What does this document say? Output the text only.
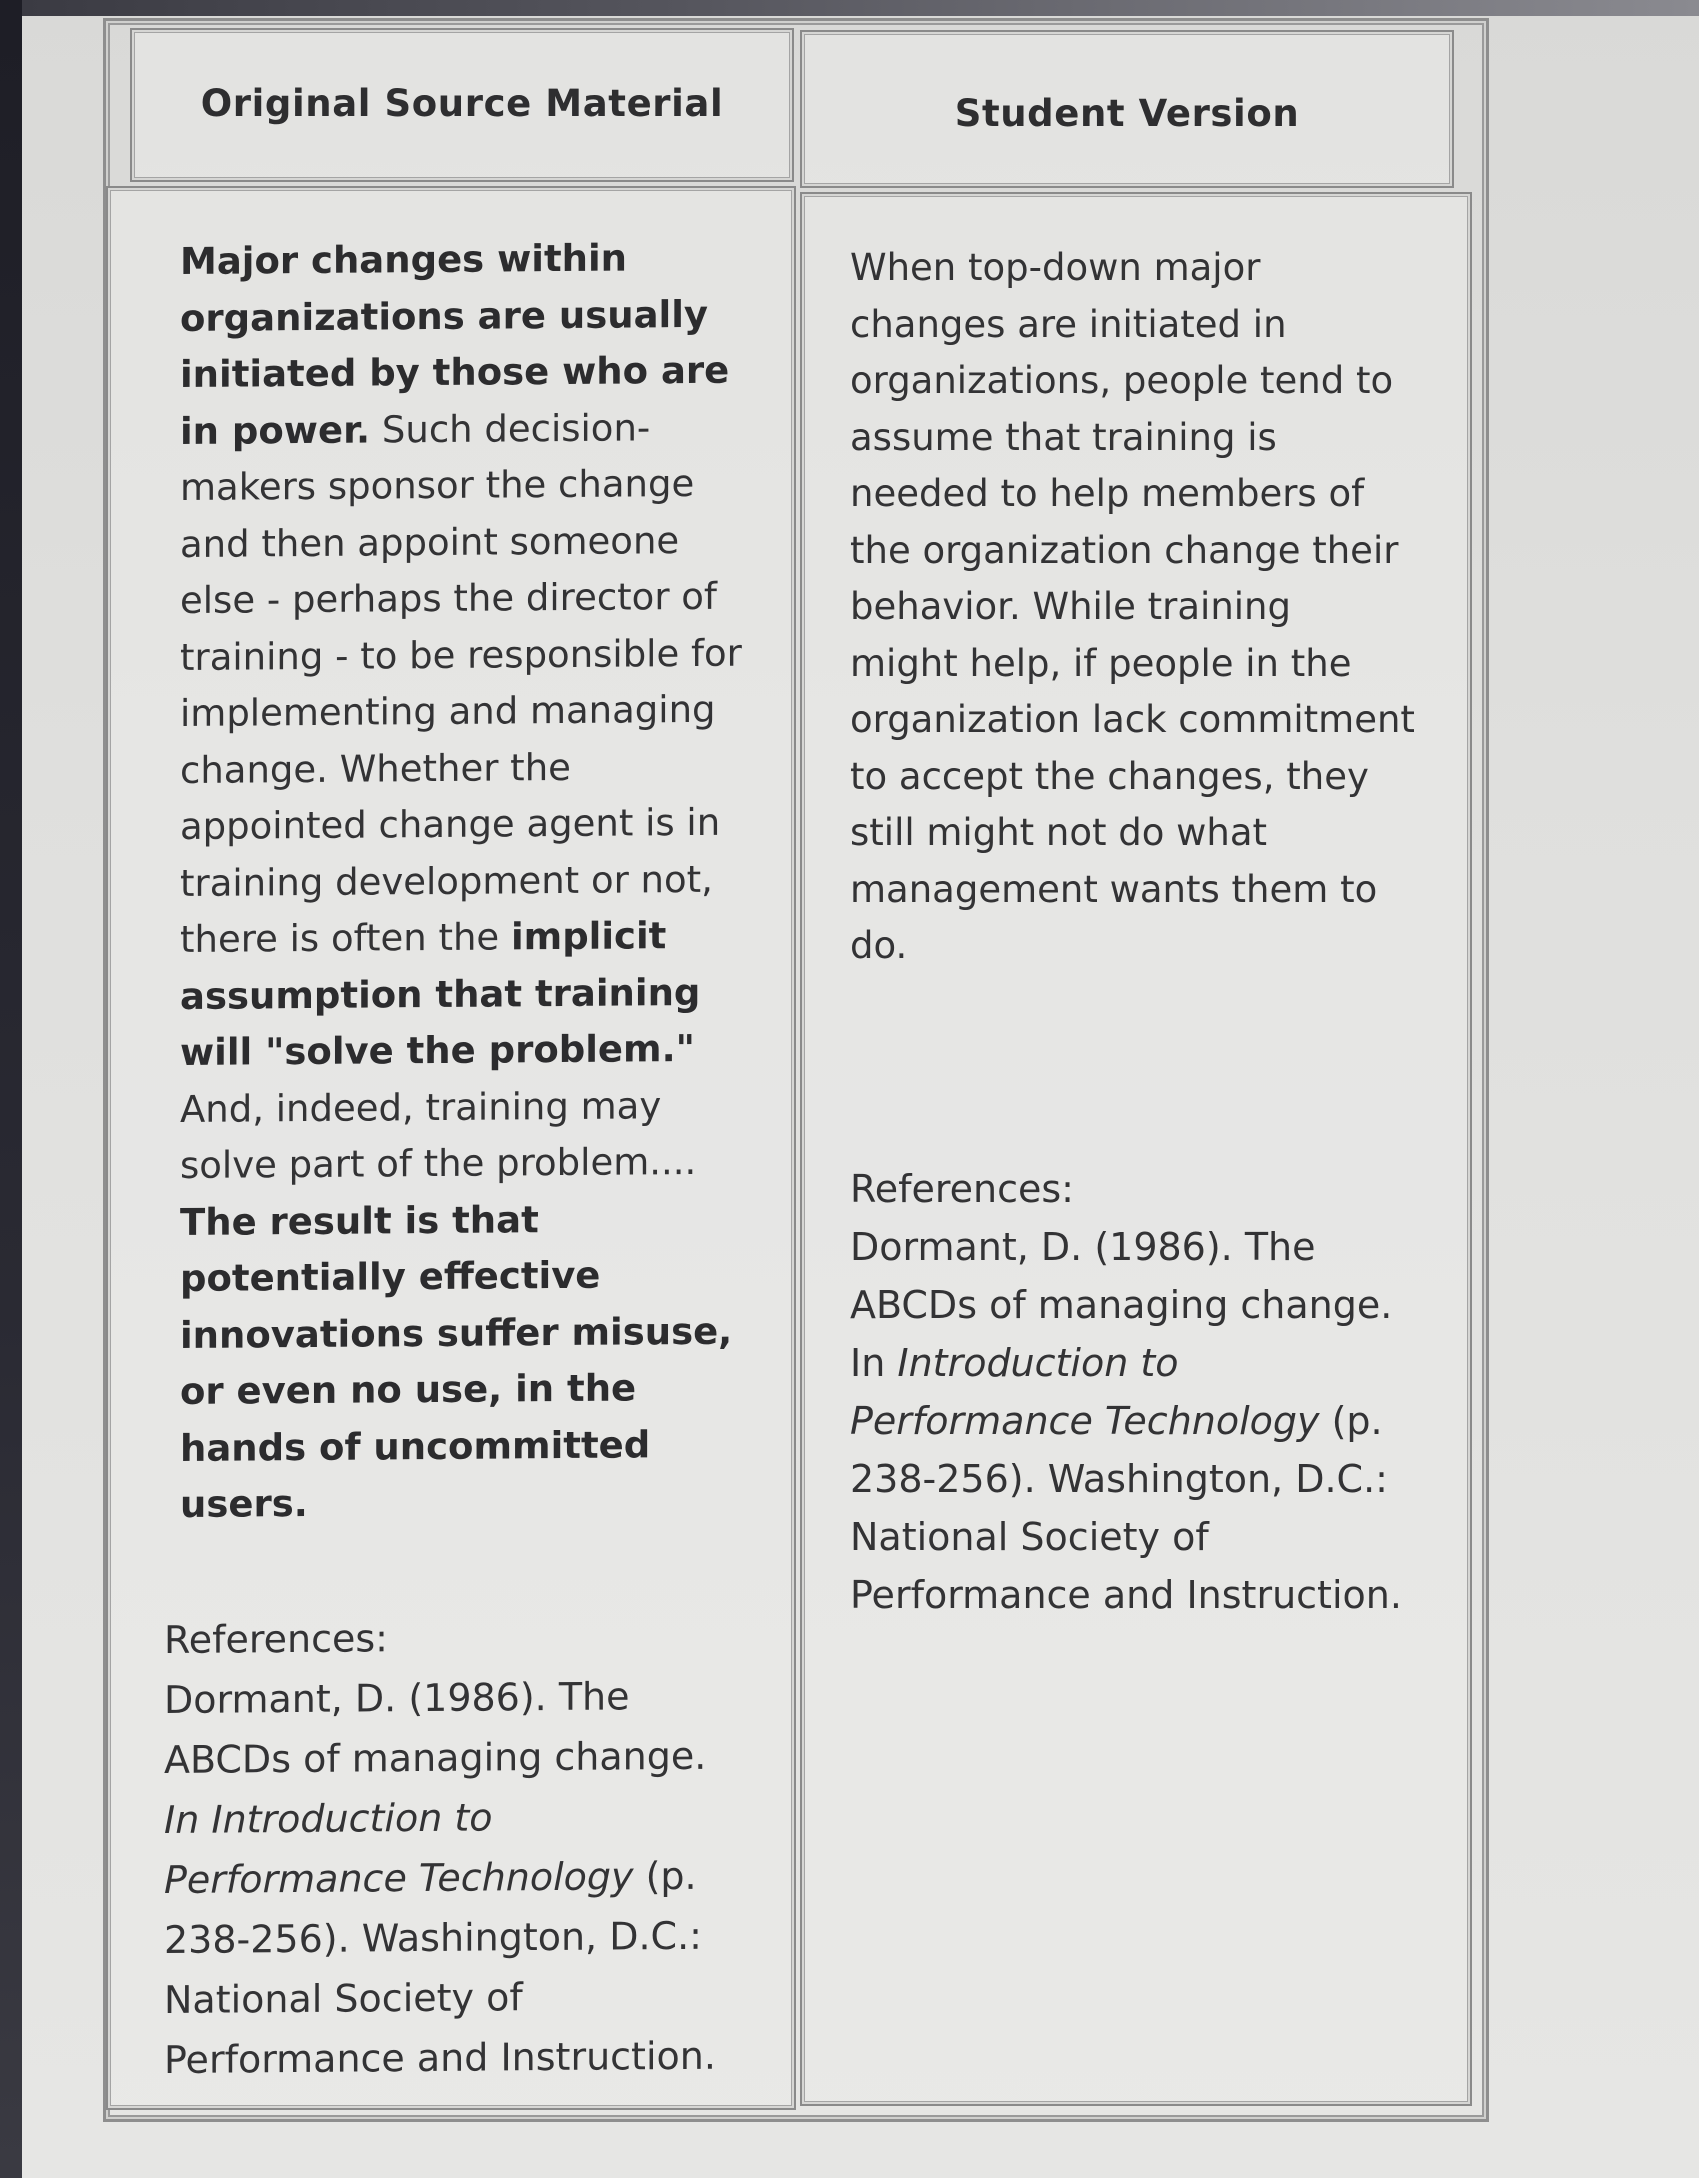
Original Source Material	Student Version
Major changes within
organizations are usually
initiated by those who are
in power. Such decision-
makers sponsor the change
and then appoint someone
else - perhaps the director of
training - to be responsible for
implementing and managing
change. Whether the
appointed change agent is in
training development or not,
there is often the implicit
assumption that training
will "solve the problem."
And, indeed, training may
solve part of the problem....
The result is that
potentially effective
innovations suffer misuse,
or even no use, in the
hands of uncommitted
users.
References:
Dormant, D. (1986). The
ABCDs of managing change.
In Introduction to
Performance Technology (p.
238-256). Washington, D.C.:
National Society of
Performance and Instruction.
When top-down major
changes are initiated in
organizations, people tend to
assume that training is
needed to help members of
the organization change their
behavior. While training
might help, if people in the
organization lack commitment
to accept the changes, they
still might not do what
management wants them to
do.
References:
Dormant, D. (1986). The
ABCDs of managing change.
In Introduction to
Performance Technology (p.
238-256). Washington, D.C.:
National Society of
Performance and Instruction.
